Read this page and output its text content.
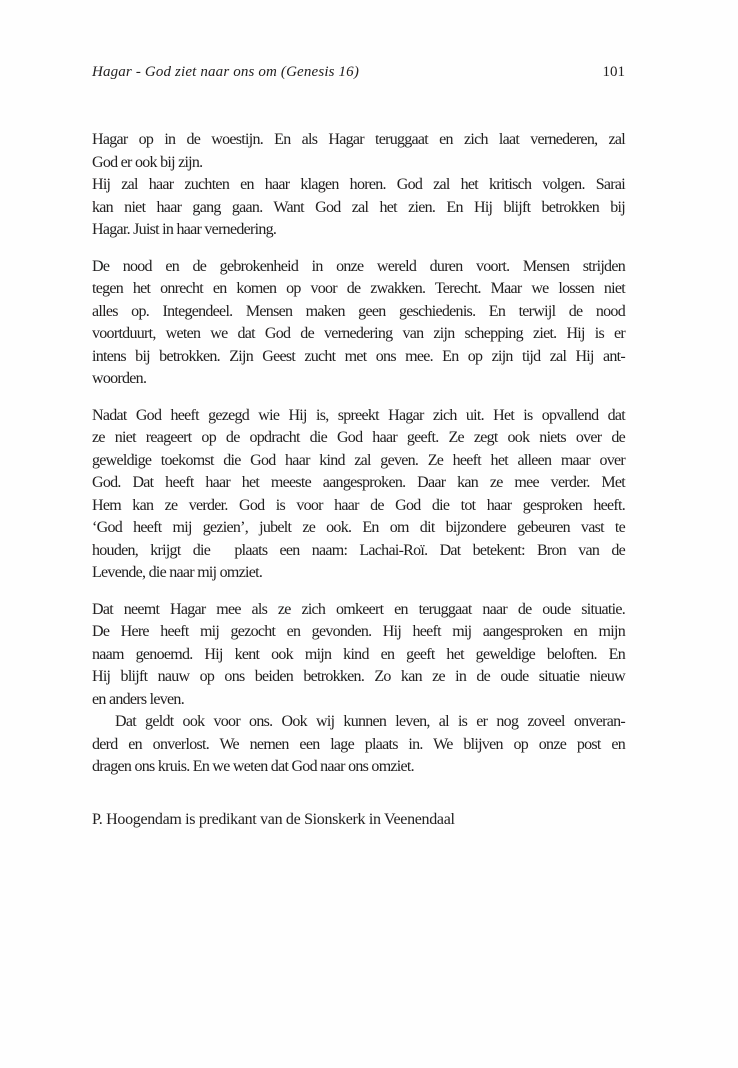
Hagar - God ziet naar ons om (Genesis 16)	101

Hagar op in de woestijn. En als Hagar teruggaat en zich laat vernederen, zal
God er ook bij zijn.

Hij zal haar zuchten en haar klagen horen. God zal het kritisch volgen. Sarai
kan niet haar gang gaan. Want God zal het zien. En Hij blijft betrokken bij
Hagar. Juist in haar vernedering.

De nood en de gebrokenheid in onze wereld duren voort. Mensen strijden
tegen het onrecht en komen op voor de zwakken. Terecht. Maar we lossen niet
alles op. Integendeel. Mensen maken geen geschiedenis. En terwijl de nood
voortduurt, weten we dat God de vernedering van zijn schepping ziet. Hij is er
intens bij betrokken. Zijn Geest zucht met ons mee. En op zijn tijd zal Hij ant-
woorden.

Nadat God heeft gezegd wie Hij is, spreekt Hagar zich uit. Het is opvallend dat
ze niet reageert op de opdracht die God haar geeft. Ze zegt ook niets over de
geweldige toekomst die God haar kind zal geven. Ze heeft het alleen maar over
God. Dat heeft haar het meeste aangesproken. Daar kan ze mee verder. Met
Hem kan ze verder. God is voor haar de God die tot haar gesproken heeft.
‘God heeft mij gezien’, jubelt ze ook. En om dit bijzondere gebeuren vast te
houden, krijgt die  plaats een naam: Lachai-Roï. Dat betekent: Bron van de
Levende, die naar mij omziet.

Dat neemt Hagar mee als ze zich omkeert en teruggaat naar de oude situatie.
De Here heeft mij gezocht en gevonden. Hij heeft mij aangesproken en mijn
naam genoemd. Hij kent ook mijn kind en geeft het geweldige beloften. En
Hij blijft nauw op ons beiden betrokken. Zo kan ze in de oude situatie nieuw
en anders leven.

Dat geldt ook voor ons. Ook wij kunnen leven, al is er nog zoveel onveran-
derd en onverlost. We nemen een lage plaats in. We blijven op onze post en
dragen ons kruis. En we weten dat God naar ons omziet.

P. Hoogendam is predikant van de Sionskerk in Veenendaal
